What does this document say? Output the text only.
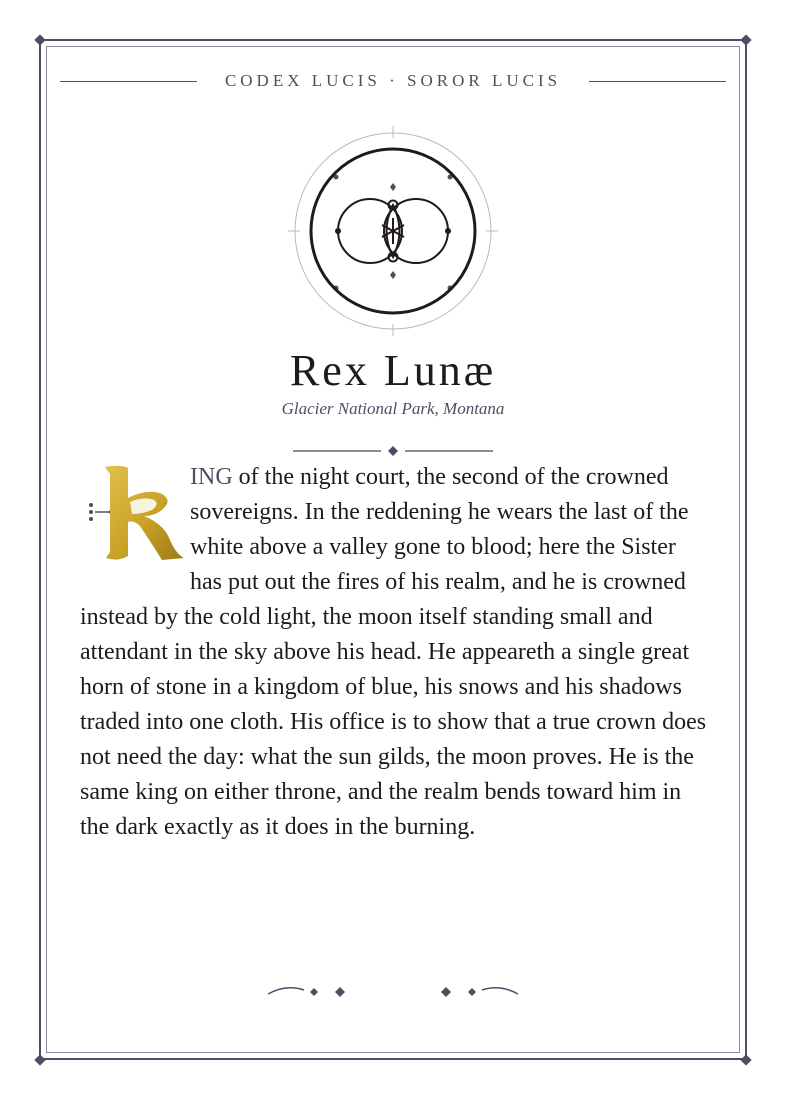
CODEX LUCIS · SOROR LUCIS
Rex Lunæ
Glacier National Park, Montana
ING of the night court, the second of the crowned sovereigns. In the reddening he wears the last of the white above a valley gone to blood; here the Sister has put out the fires of his realm, and he is crowned instead by the cold light, the moon itself standing small and attendant in the sky above his head. He appeareth a single great horn of stone in a kingdom of blue, his snows and his shadows traded into one cloth. His office is to show that a true crown does not need the day: what the sun gilds, the moon proves. He is the same king on either throne, and the realm bends toward him in the dark exactly as it does in the burning.
